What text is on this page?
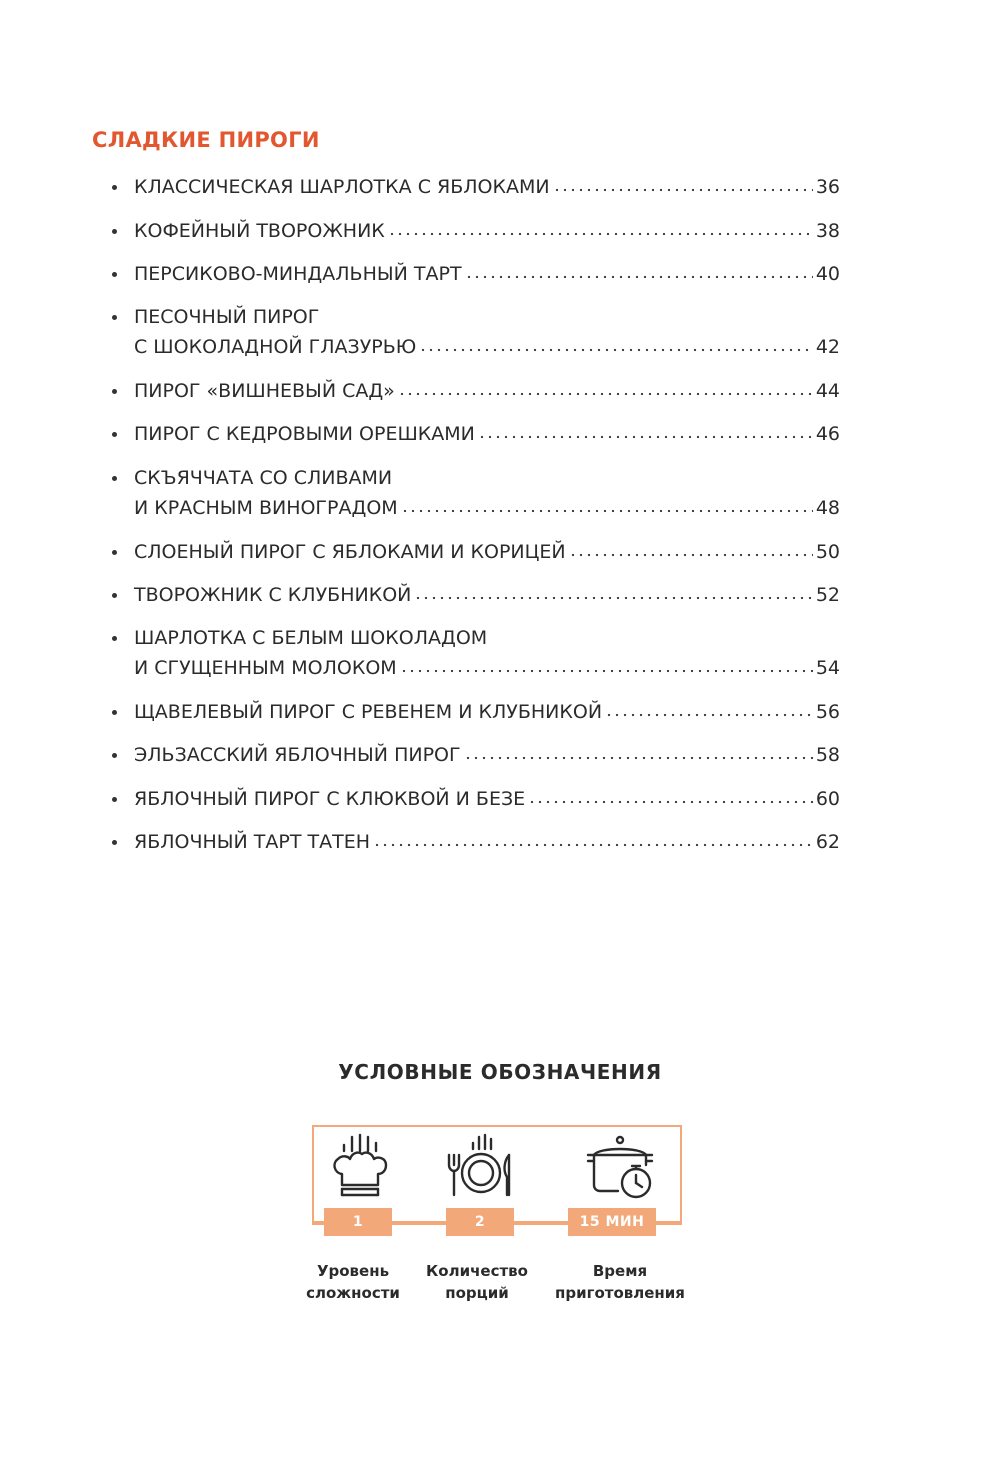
СЛАДКИЕ ПИРОГИ
КЛАССИЧЕСКАЯ ШАРЛОТКА С ЯБЛОКАМИ	36
КОФЕЙНЫЙ ТВОРОЖНИК	38
ПЕРСИКОВО-МИНДАЛЬНЫЙ ТАРТ	40
ПЕСОЧНЫЙ ПИРОГ
С ШОКОЛАДНОЙ ГЛАЗУРЬЮ	42
ПИРОГ «ВИШНЕВЫЙ САД»	44
ПИРОГ С КЕДРОВЫМИ ОРЕШКАМИ	46
СКЪЯЧЧАТА СО СЛИВАМИ
И КРАСНЫМ ВИНОГРАДОМ	48
СЛОЕНЫЙ ПИРОГ С ЯБЛОКАМИ И КОРИЦЕЙ	50
ТВОРОЖНИК С КЛУБНИКОЙ	52
ШАРЛОТКА С БЕЛЫМ ШОКОЛАДОМ
И СГУЩЕННЫМ МОЛОКОМ	54
ЩАВЕЛЕВЫЙ ПИРОГ С РЕВЕНЕМ И КЛУБНИКОЙ	56
ЭЛЬЗАССКИЙ ЯБЛОЧНЫЙ ПИРОГ	58
ЯБЛОЧНЫЙ ПИРОГ С КЛЮКВОЙ И БЕЗЕ	60
ЯБЛОЧНЫЙ ТАРТ ТАТЕН	62
УСЛОВНЫЕ ОБОЗНАЧЕНИЯ
1	2	15 МИН
Уровень
сложности
Количество
порций
Время
приготовления
